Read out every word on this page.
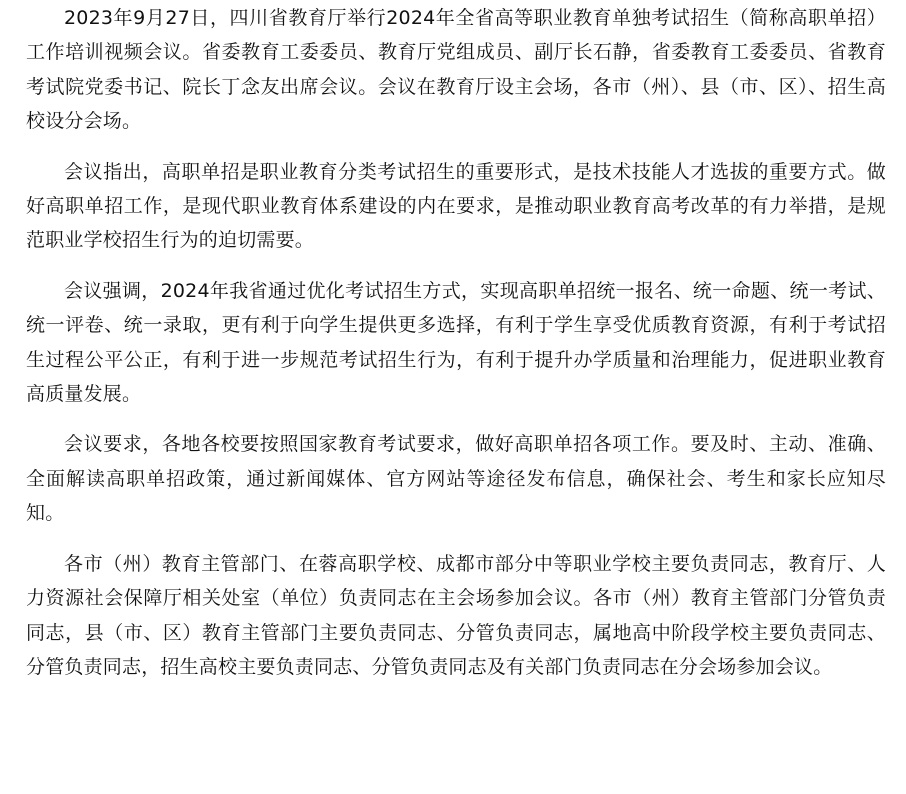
2023年9月27日，四川省教育厅举行2024年全省高等职业教育单独考试招生（简称高职单招）工作培训视频会议。省委教育工委委员、教育厅党组成员、副厅长石静，省委教育工委委员、省教育考试院党委书记、院长丁念友出席会议。会议在教育厅设主会场，各市（州）、县（市、区）、招生高校设分会场。

会议指出，高职单招是职业教育分类考试招生的重要形式，是技术技能人才选拔的重要方式。做好高职单招工作，是现代职业教育体系建设的内在要求，是推动职业教育高考改革的有力举措，是规范职业学校招生行为的迫切需要。

会议强调，2024年我省通过优化考试招生方式，实现高职单招统一报名、统一命题、统一考试、统一评卷、统一录取，更有利于向学生提供更多选择，有利于学生享受优质教育资源，有利于考试招生过程公平公正，有利于进一步规范考试招生行为，有利于提升办学质量和治理能力，促进职业教育高质量发展。

会议要求，各地各校要按照国家教育考试要求，做好高职单招各项工作。要及时、主动、准确、全面解读高职单招政策，通过新闻媒体、官方网站等途径发布信息，确保社会、考生和家长应知尽知。

各市（州）教育主管部门、在蓉高职学校、成都市部分中等职业学校主要负责同志，教育厅、人力资源社会保障厅相关处室（单位）负责同志在主会场参加会议。各市（州）教育主管部门分管负责同志，县（市、区）教育主管部门主要负责同志、分管负责同志，属地高中阶段学校主要负责同志、分管负责同志，招生高校主要负责同志、分管负责同志及有关部门负责同志在分会场参加会议。
